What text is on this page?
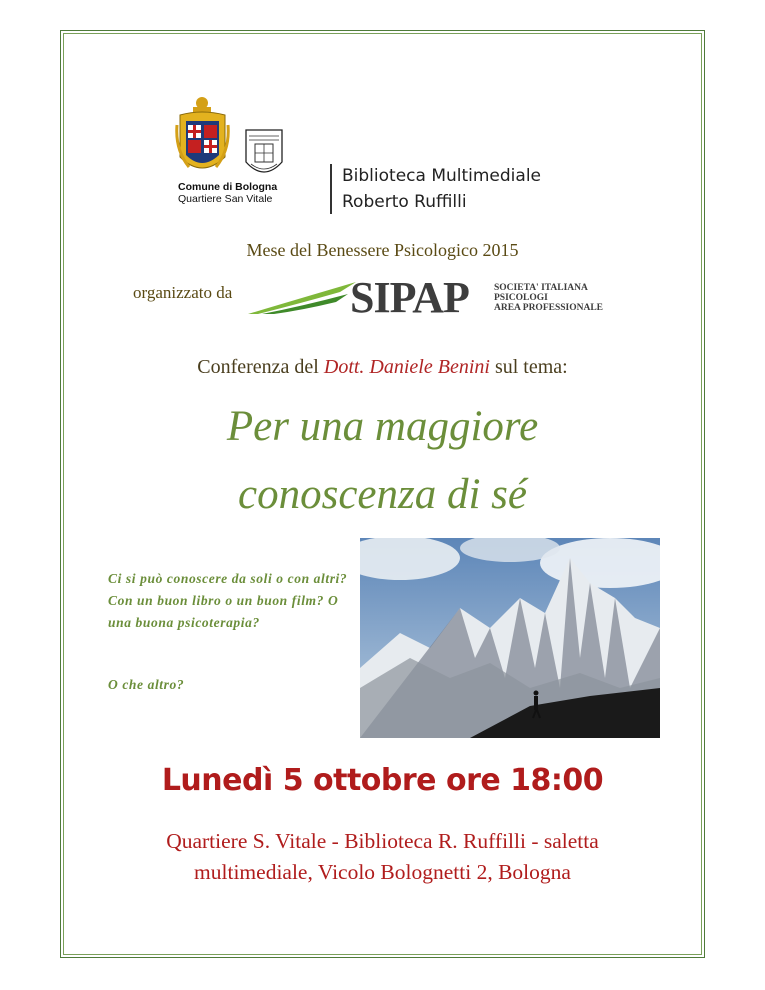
Comune di Bologna
Quartiere San Vitale
Biblioteca Multimediale
Roberto Ruffilli
Mese del Benessere Psicologico 2015
organizzato da	SIPAP	SOCIETA' ITALIANA
PSICOLOGI
AREA PROFESSIONALE
Conferenza del Dott. Daniele Benini sul tema:
Per una maggiore
conoscenza di sé
Ci si può conoscere da soli o con altri? Con un buon libro o un buon film? O una buona psicoterapia?
O che altro?
Lunedì 5 ottobre ore 18:00
Quartiere S. Vitale - Biblioteca R. Ruffilli - saletta
multimediale, Vicolo Bolognetti 2, Bologna
